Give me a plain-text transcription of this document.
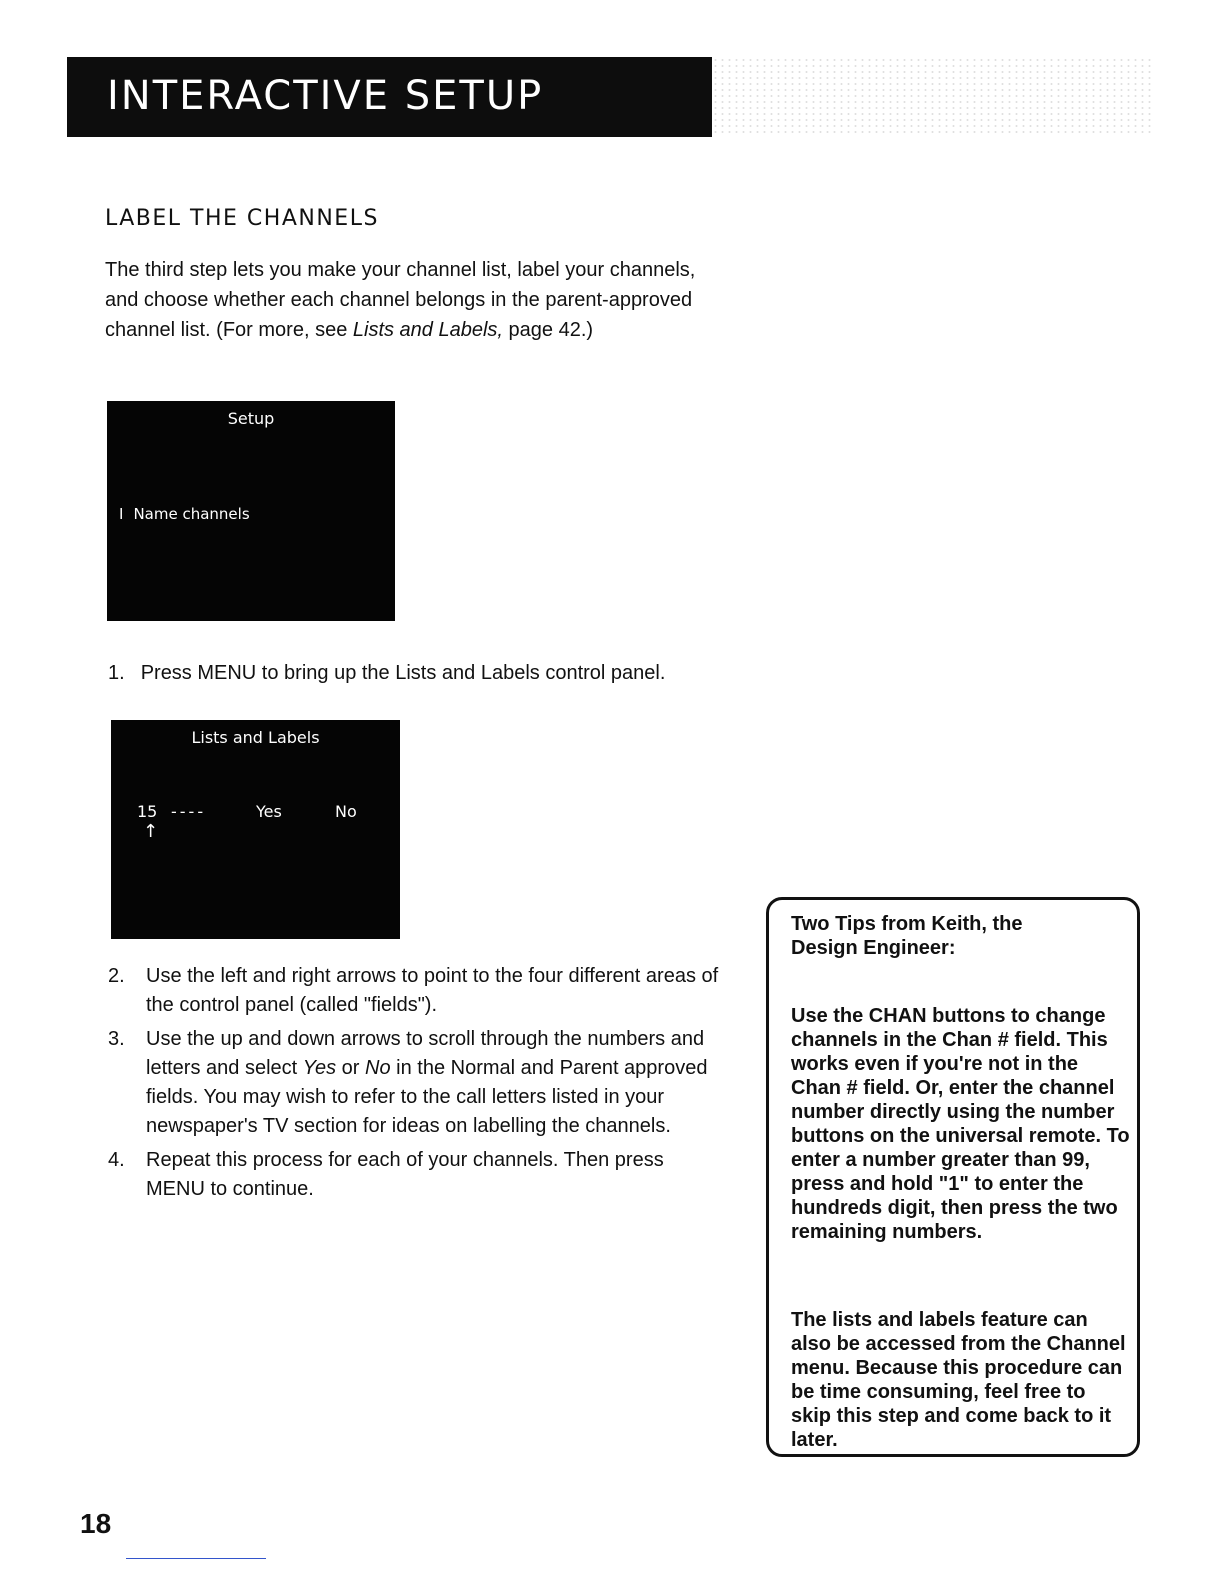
INTERACTIVE SETUP
LABEL THE CHANNELS

The third step lets you make your channel list, label your channels, and choose whether each channel belongs in the parent-approved channel list. (For more, see Lists and Labels, page 42.)

Setup
I Name channels

1. Press MENU to bring up the Lists and Labels control panel.

Lists and Labels
15 ----	Yes	No
↑
2. Use the left and right arrows to point to the four different areas of the control panel (called "fields").
3. Use the up and down arrows to scroll through the numbers and letters and select Yes or No in the Normal and Parent approved fields. You may wish to refer to the call letters listed in your newspaper's TV section for ideas on labelling the channels.
4. Repeat this process for each of your channels. Then press MENU to continue.

Two Tips from Keith, the Design Engineer:

Use the CHAN buttons to change channels in the Chan # field. This works even if you're not in the Chan # field. Or, enter the channel number directly using the number buttons on the universal remote. To enter a number greater than 99, press and hold "1" to enter the hundreds digit, then press the two remaining numbers.

The lists and labels feature can also be accessed from the Channel menu. Because this procedure can be time consuming, feel free to skip this step and come back to it later.

18
